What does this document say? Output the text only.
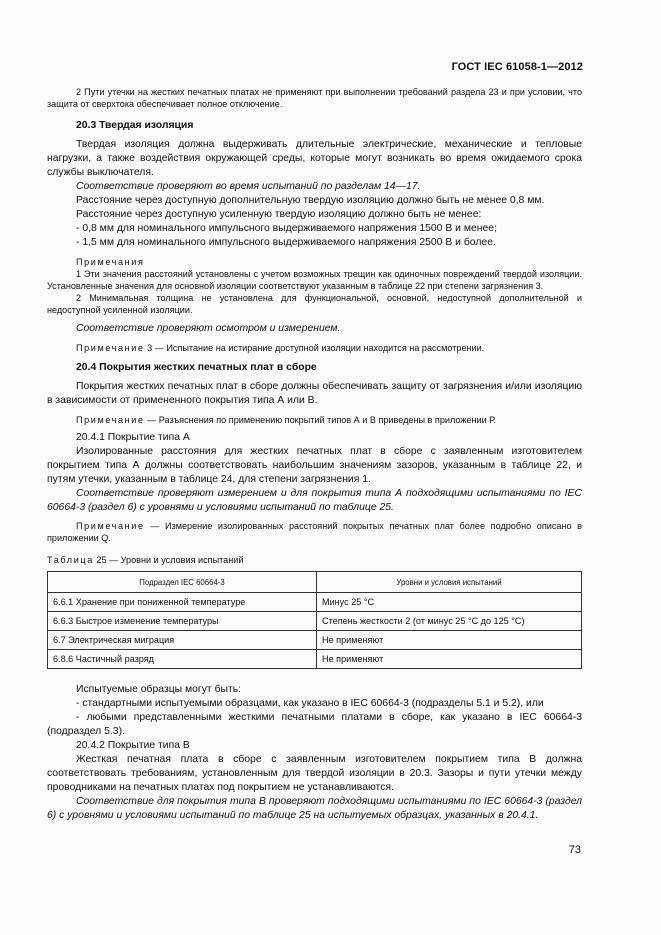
ГОСТ IEC 61058-1—2012

2 Пути утечки на жестких печатных платах не применяют при выполнении требований раздела 23 и при условии, что защита от сверхтока обеспечивает полное отключение.

20.3 Твердая изоляция

Твердая изоляция должна выдерживать длительные электрические, механические и тепловые нагрузки, а также воздействия окружающей среды, которые могут возникать во время ожидаемого срока службы выключателя.

Соответствие проверяют во время испытаний по разделам 14—17.

Расстояние через доступную дополнительную твердую изоляцию должно быть не менее 0,8 мм.

Расстояние через доступную усиленную твердую изоляцию должно быть не менее:

- 0,8 мм для номинального импульсного выдерживаемого напряжения 1500 В и менее;

- 1,5 мм для номинального импульсного выдерживаемого напряжения 2500 В и более.

Примечания

1 Эти значения расстояний установлены с учетом возможных трещин как одиночных повреждений твердой изоляции. Установленные значения для основной изоляции соответствуют указанным в таблице 22 при степени загрязнения 3.

2 Минимальная толщина не установлена для функциональной, основной, недоступной дополнительной и недоступной усиленной изоляции.

Соответствие проверяют осмотром и измерением.

Примечание 3 — Испытание на истирание доступной изоляции находится на рассмотрении.

20.4 Покрытия жестких печатных плат в сборе

Покрытия жестких печатных плат в сборе должны обеспечивать защиту от загрязнения и/или изоляцию в зависимости от примененного покрытия типа А или В.

Примечание — Разъяснения по применению покрытий типов А и В приведены в приложении Р.

20.4.1 Покрытие типа А

Изолированные расстояния для жестких печатных плат в сборе с заявленным изготовителем покрытием типа А должны соответствовать наибольшим значениям зазоров, указанным в таблице 22, и путям утечки, указанным в таблице 24, для степени загрязнения 1.

Соответствие проверяют измерением и для покрытия типа А подходящими испытаниями по IEC 60664-3 (раздел 6) с уровнями и условиями испытаний по таблице 25.

Примечание — Измерение изолированных расстояний покрытых печатных плат более подробно описано в приложении Q.

Таблица 25 — Уровни и условия испытаний

Подраздел IEC 60664-3	Уровни и условия испытаний
6.6.1 Хранение при пониженной температуре	Минус 25 °С
6.6.3 Быстрое изменение температуры	Степень жесткости 2 (от минус 25 °С до 125 °С)
6.7 Электрическая миграция	Не применяют
6.8.6 Частичный разряд	Не применяют

Испытуемые образцы могут быть:

- стандартными испытуемыми образцами, как указано в IEC 60664-3 (подразделы 5.1 и 5.2), или

- любыми представленными жесткими печатными платами в сборе, как указано в IEC 60664-3 (подраздел 5.3).

20.4.2 Покрытие типа В

Жесткая печатная плата в сборе с заявленным изготовителем покрытием типа В должна соответствовать требованиям, установленным для твердой изоляции в 20.3. Зазоры и пути утечки между проводниками на печатных платах под покрытием не устанавливаются.

Соответствие для покрытия типа В проверяют подходящими испытаниями по IEC 60664-3 (раздел 6) с уровнями и условиями испытаний по таблице 25 на испытуемых образцах, указанных в 20.4.1.

73
